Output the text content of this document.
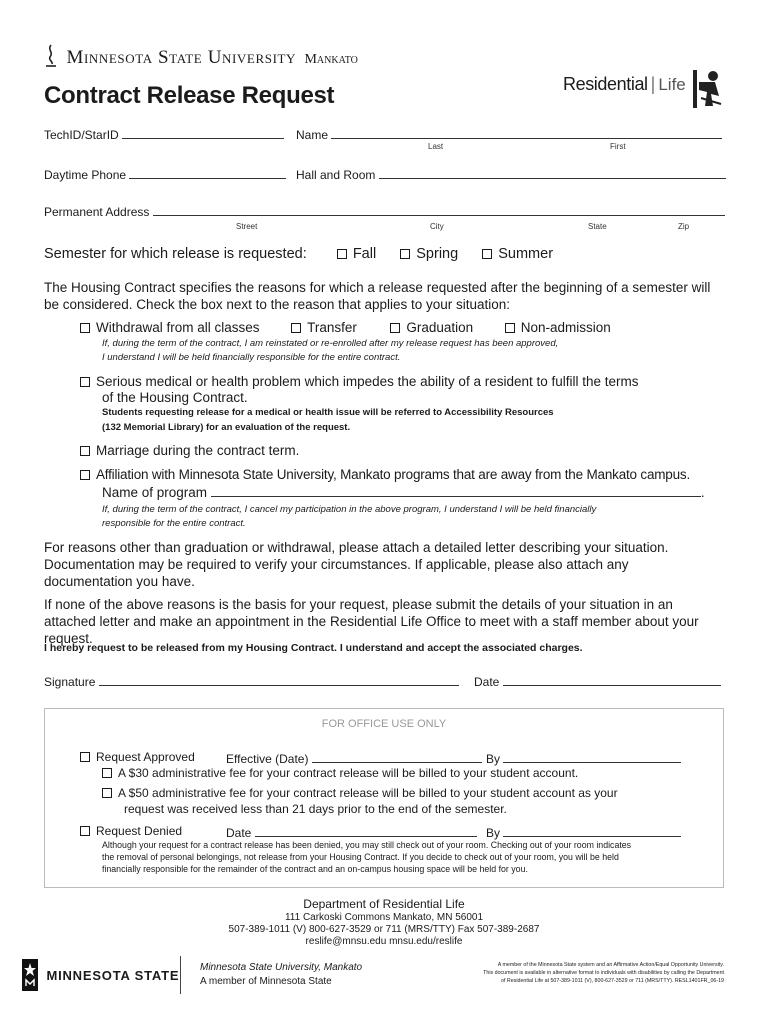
Minnesota State University Mankato
Contract Release Request	Residential | Life
TechID/StarID	Name
Last	First
Daytime Phone	Hall and Room
Permanent Address
Street	City	State	Zip
Semester for which release is requested:	Fall	Spring	Summer
The Housing Contract specifies the reasons for which a release requested after the beginning of a semester will be considered. Check the box next to the reason that applies to your situation:
Withdrawal from all classes	Transfer	Graduation	Non-admission
If, during the term of the contract, I am reinstated or re-enrolled after my release request has been approved,
I understand I will be held financially responsible for the entire contract.
Serious medical or health problem which impedes the ability of a resident to fulfill the terms
of the Housing Contract.
Students requesting release for a medical or health issue will be referred to Accessibility Resources
(132 Memorial Library) for an evaluation of the request.
Marriage during the contract term.
Affiliation with Minnesota State University, Mankato programs that are away from the Mankato campus.
Name of program	.
If, during the term of the contract, I cancel my participation in the above program, I understand I will be held financially
responsible for the entire contract.
For reasons other than graduation or withdrawal, please attach a detailed letter describing your situation. Documentation may be required to verify your circumstances. If applicable, please also attach any documentation you have.
If none of the above reasons is the basis for your request, please submit the details of your situation in an attached letter and make an appointment in the Residential Life Office to meet with a staff member about your request.
I hereby request to be released from my Housing Contract. I understand and accept the associated charges.
Signature	Date
FOR OFFICE USE ONLY
Request Approved	Effective (Date)	By
A $30 administrative fee for your contract release will be billed to your student account.
A $50 administrative fee for your contract release will be billed to your student account as your
request was received less than 21 days prior to the end of the semester.
Request Denied	Date	By
Although your request for a contract release has been denied, you may still check out of your room. Checking out of your room indicates
the removal of personal belongings, not release from your Housing Contract. If you decide to check out of your room, you will be held
financially responsible for the remainder of the contract and an on-campus housing space will be held for you.
Department of Residential Life
111 Carkoski Commons Mankato, MN 56001
507-389-1011 (V) 800-627-3529 or 711 (MRS/TTY) Fax 507-389-2687
reslife@mnsu.edu mnsu.edu/reslife
MINNESOTA STATE Minnesota State University, Mankato
A member of Minnesota State
A member of the Minnesota State system and an Affirmative Action/Equal Opportunity University.
This document is available in alternative format to individuals with disabilities by calling the Department
of Residential Life at 507-389-1011 (V), 800-627-3529 or 711 (MRS/TTY). RESL1401FR_06-19
